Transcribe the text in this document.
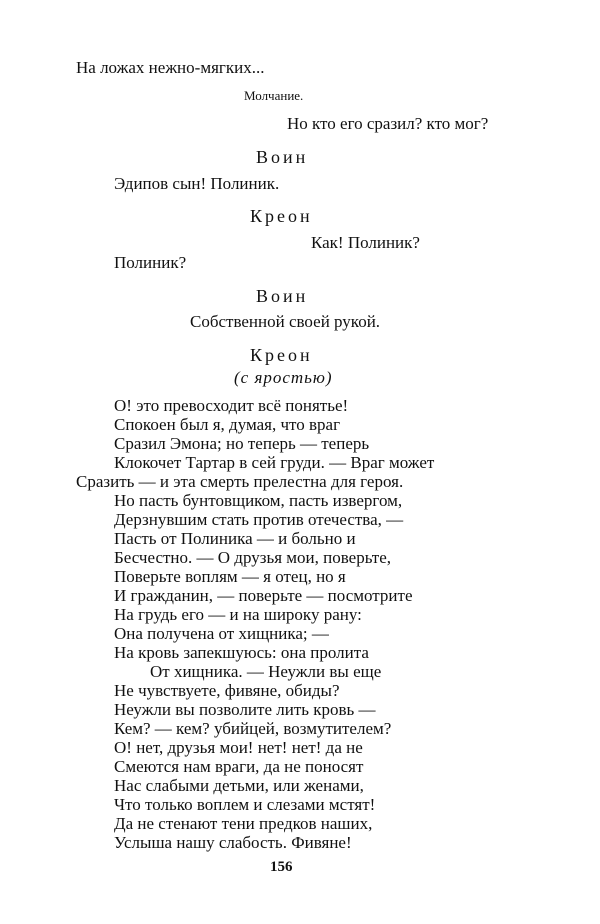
На ложах нежно-мягких...
Молчание.
Но кто его сразил? кто мог?
Воин
Эдипов сын! Полиник.
Креон
Как! Полиник?
Полиник?
Воин
Собственной своей рукой.
Креон
(с яростью)
О! это превосходит всё понятье!
Спокоен был я, думая, что враг
Сразил Эмона; но теперь — теперь
Клокочет Тартар в сей груди. — Враг может
Сразить — и эта смерть прелестна для героя.
Но пасть бунтовщиком, пасть извергом,
Дерзнувшим стать против отечества, —
Пасть от Полиника — и больно и
Бесчестно. — О друзья мои, поверьте,
Поверьте воплям — я отец, но я
И гражданин, — поверьте — посмотрите
На грудь его — и на широку рану:
Она получена от хищника; —
На кровь запекшуюсь: она пролита
От хищника. — Неужли вы еще
Не чувствуете, фивяне, обиды?
Неужли вы позволите лить кровь —
Кем? — кем? убийцей, возмутителем?
О! нет, друзья мои! нет! нет! да не
Смеются нам враги, да не поносят
Нас слабыми детьми, или женами,
Что только воплем и слезами мстят!
Да не стенают тени предков наших,
Услыша нашу слабость. Фивяне!
156
